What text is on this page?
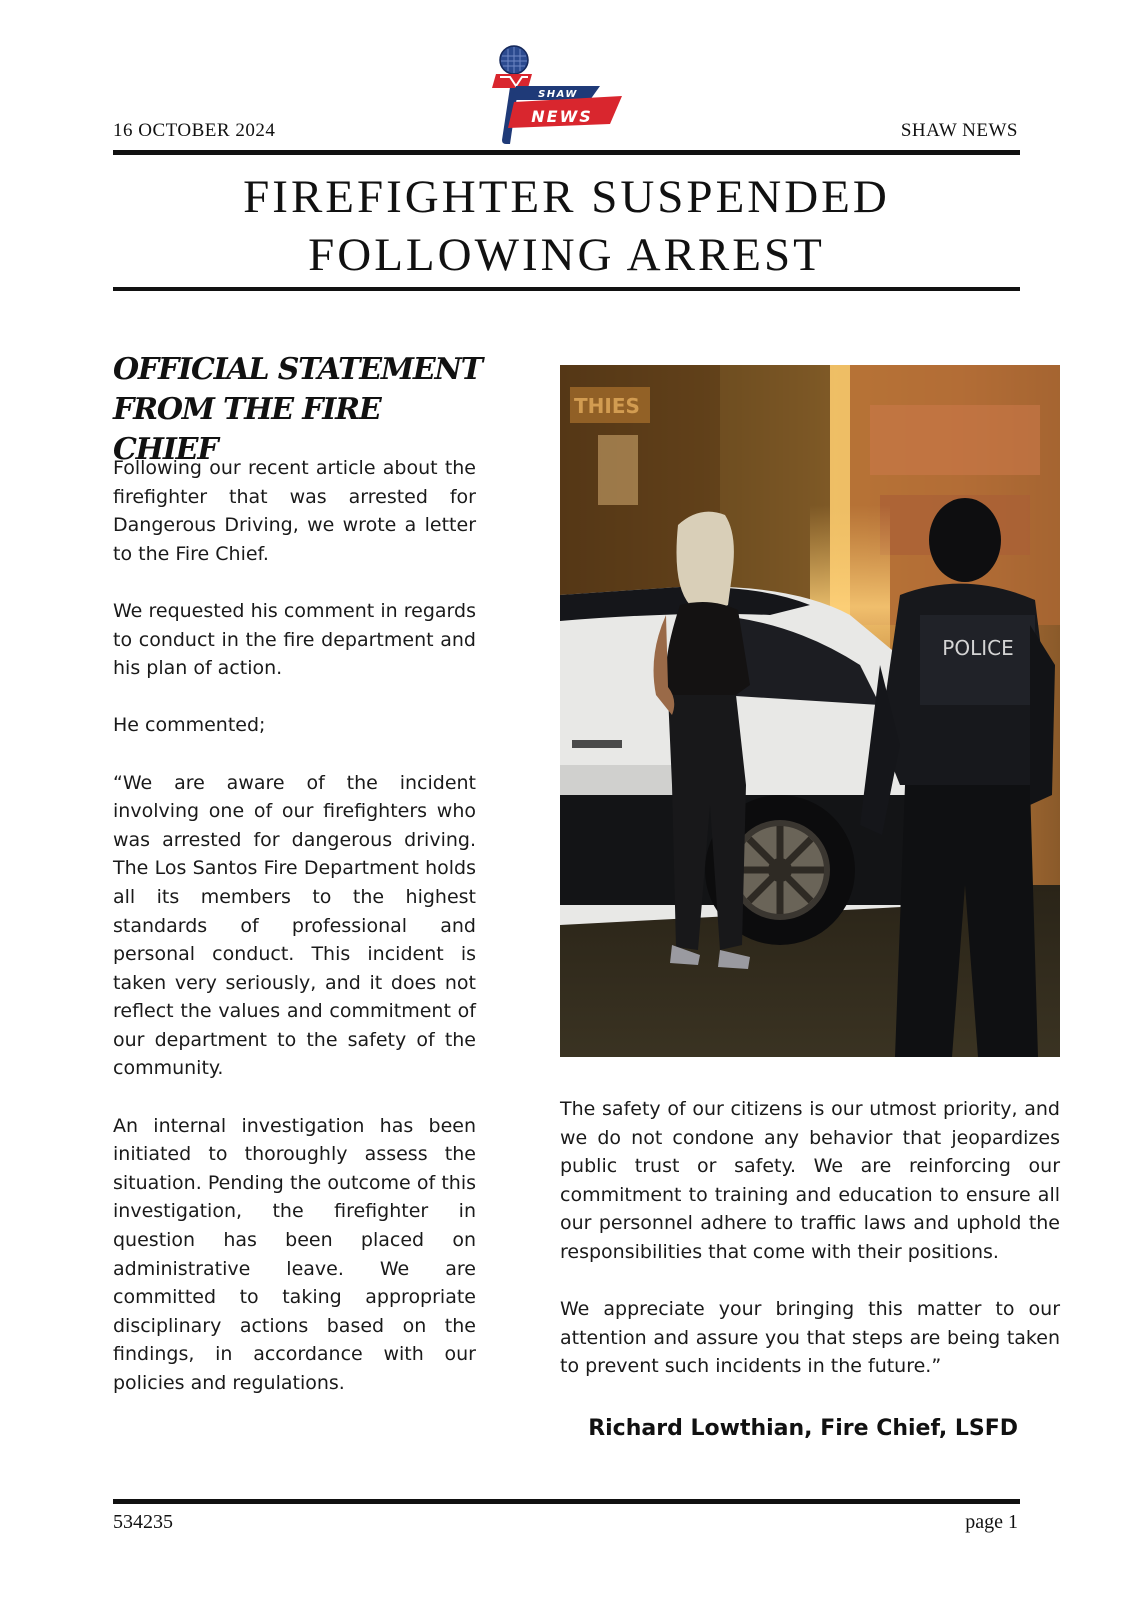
16 OCTOBER 2024
SHAW
NEWS
SHAW NEWS
FIREFIGHTER SUSPENDED
FOLLOWING ARREST
OFFICIAL STATEMENT
FROM THE FIRE CHIEF

Following our recent article about the firefighter that was arrested for Dangerous Driving, we wrote a letter to the Fire Chief.

We requested his comment in regards to conduct in the fire department and his plan of action.

He commented;

“We are aware of the incident involving one of our firefighters who was arrested for dangerous driving. The Los Santos Fire Department holds all its members to the highest standards of professional and personal conduct. This incident is taken very seriously, and it does not reflect the values and commitment of our department to the safety of the community.

An internal investigation has been initiated to thoroughly assess the situation. Pending the outcome of this investigation, the firefighter in question has been placed on administrative leave. We are committed to taking appropriate disciplinary actions based on the findings, in accordance with our policies and regulations.

THIES
POLICE

The safety of our citizens is our utmost priority, and we do not condone any behavior that jeopardizes public trust or safety. We are reinforcing our commitment to training and education to ensure all our personnel adhere to traffic laws and uphold the responsibilities that come with their positions.

We appreciate your bringing this matter to our attention and assure you that steps are being taken to prevent such incidents in the future.”

Richard Lowthian, Fire Chief, LSFD
534235	page 1
